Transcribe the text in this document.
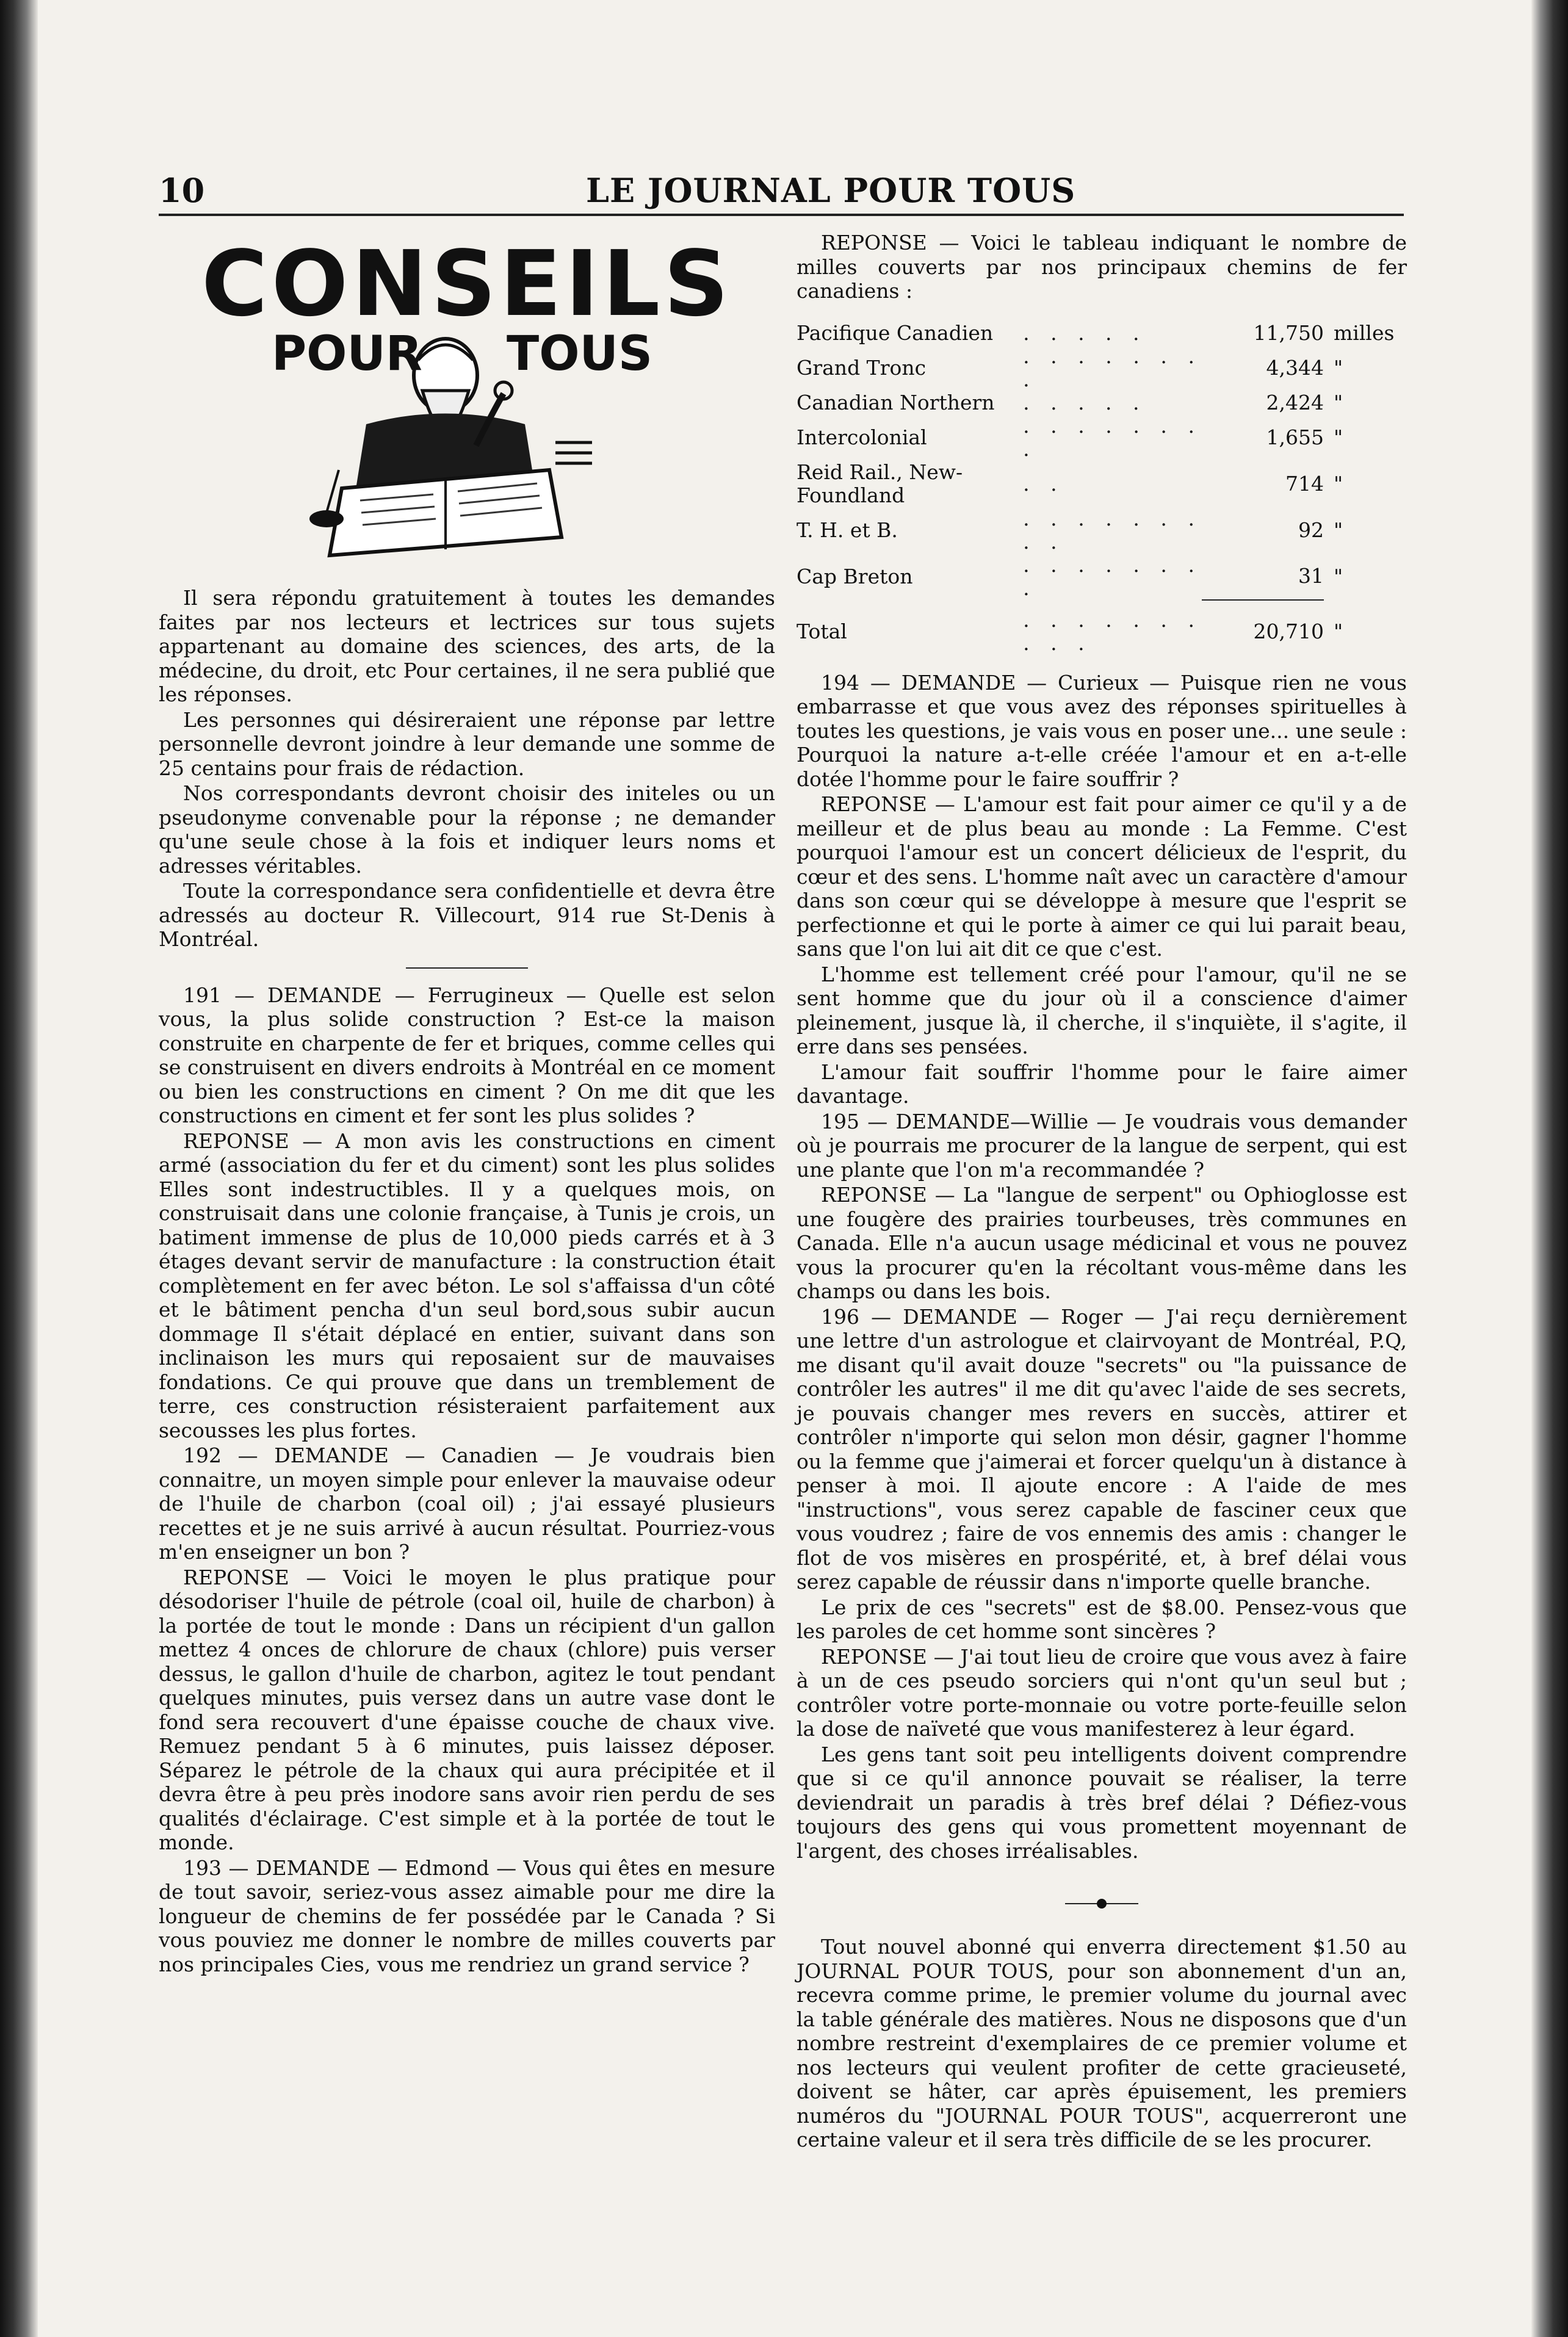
10	LE JOURNAL POUR TOUS
CONSEILS
POUR TOUS

Il sera répondu gratuitement à toutes les demandes faites par nos lecteurs et lectrices sur tous sujets appartenant au domaine des sciences, des arts, de la médecine, du droit, etc Pour certaines, il ne sera publié que les réponses.

Les personnes qui désireraient une réponse par lettre personnelle devront joindre à leur demande une somme de 25 centains pour frais de rédaction.

Nos correspondants devront choisir des initeles ou un pseudonyme convenable pour la réponse ; ne demander qu'une seule chose à la fois et indiquer leurs noms et adresses véritables.

Toute la correspondance sera confidentielle et devra être adressés au docteur R. Villecourt, 914 rue St-Denis à Montréal.

191 — DEMANDE — Ferrugineux — Quelle est selon vous, la plus solide construction ? Est-ce la maison construite en charpente de fer et briques, comme celles qui se construisent en divers endroits à Montréal en ce moment ou bien les constructions en ciment ? On me dit que les constructions en ciment et fer sont les plus solides ?

REPONSE — A mon avis les constructions en ciment armé (association du fer et du ciment) sont les plus solides Elles sont indestructibles. Il y a quelques mois, on construisait dans une colonie française, à Tunis je crois, un batiment immense de plus de 10,000 pieds carrés et à 3 étages devant servir de manufacture : la construction était complètement en fer avec béton. Le sol s'affaissa d'un côté et le bâtiment pencha d'un seul bord,sous subir aucun dommage Il s'était déplacé en entier, suivant dans son inclinaison les murs qui reposaient sur de mauvaises fondations. Ce qui prouve que dans un tremblement de terre, ces construction résisteraient parfaitement aux secousses les plus fortes.

192 — DEMANDE — Canadien — Je voudrais bien connaitre, un moyen simple pour enlever la mauvaise odeur de l'huile de charbon (coal oil) ; j'ai essayé plusieurs recettes et je ne suis arrivé à aucun résultat. Pourriez-vous m'en enseigner un bon ?

REPONSE — Voici le moyen le plus pratique pour désodoriser l'huile de pétrole (coal oil, huile de charbon) à la portée de tout le monde : Dans un récipient d'un gallon mettez 4 onces de chlorure de chaux (chlore) puis verser dessus, le gallon d'huile de charbon, agitez le tout pendant quelques minutes, puis versez dans un autre vase dont le fond sera recouvert d'une épaisse couche de chaux vive. Remuez pendant 5 à 6 minutes, puis laissez déposer. Séparez le pétrole de la chaux qui aura précipitée et il devra être à peu près inodore sans avoir rien perdu de ses qualités d'éclairage. C'est simple et à la portée de tout le monde.

193 — DEMANDE — Edmond — Vous qui êtes en mesure de tout savoir, seriez-vous assez aimable pour me dire la longueur de chemins de fer possédée par le Canada ? Si vous pouviez me donner le nombre de milles couverts par nos principales Cies, vous me rendriez un grand service ?

REPONSE — Voici le tableau indiquant le nombre de milles couverts par nos principaux chemins de fer canadiens :

Pacifique Canadien	. . . . .	11,750	milles
Grand Tronc	. . . . . . . .	4,344	"
Canadian Northern	. . . . .	2,424	"
Intercolonial	. . . . . . . .	1,655	"
Reid Rail., New-Foundland	. .	714	"
T. H. et B.	. . . . . . . . .	92	"
Cap Breton	. . . . . . . .	31	"
Total	. . . . . . . . . .	20,710	"

194 — DEMANDE — Curieux — Puisque rien ne vous embarrasse et que vous avez des réponses spirituelles à toutes les questions, je vais vous en poser une... une seule : Pourquoi la nature a-t-elle créée l'amour et en a-t-elle dotée l'homme pour le faire souffrir ?

REPONSE — L'amour est fait pour aimer ce qu'il y a de meilleur et de plus beau au monde : La Femme. C'est pourquoi l'amour est un concert délicieux de l'esprit, du cœur et des sens. L'homme naît avec un caractère d'amour dans son cœur qui se développe à mesure que l'esprit se perfectionne et qui le porte à aimer ce qui lui parait beau, sans que l'on lui ait dit ce que c'est.

L'homme est tellement créé pour l'amour, qu'il ne se sent homme que du jour où il a conscience d'aimer pleinement, jusque là, il cherche, il s'inquiète, il s'agite, il erre dans ses pensées.

L'amour fait souffrir l'homme pour le faire aimer davantage.

195 — DEMANDE—Willie — Je voudrais vous demander où je pourrais me procurer de la langue de serpent, qui est une plante que l'on m'a recommandée ?

REPONSE — La "langue de serpent" ou Ophioglosse est une fougère des prairies tourbeuses, très communes en Canada. Elle n'a aucun usage médicinal et vous ne pouvez vous la procurer qu'en la récoltant vous-même dans les champs ou dans les bois.

196 — DEMANDE — Roger — J'ai reçu dernièrement une lettre d'un astrologue et clairvoyant de Montréal, P.Q, me disant qu'il avait douze "secrets" ou "la puissance de contrôler les autres" il me dit qu'avec l'aide de ses secrets, je pouvais changer mes revers en succès, attirer et contrôler n'importe qui selon mon désir, gagner l'homme ou la femme que j'aimerai et forcer quelqu'un à distance à penser à moi. Il ajoute encore : A l'aide de mes "instructions", vous serez capable de fasciner ceux que vous voudrez ; faire de vos ennemis des amis : changer le flot de vos misères en prospérité, et, à bref délai vous serez capable de réussir dans n'importe quelle branche.

Le prix de ces "secrets" est de $8.00. Pensez-vous que les paroles de cet homme sont sincères ?

REPONSE — J'ai tout lieu de croire que vous avez à faire à un de ces pseudo sorciers qui n'ont qu'un seul but ; contrôler votre porte-monnaie ou votre porte-feuille selon la dose de naïveté que vous manifesterez à leur égard.

Les gens tant soit peu intelligents doivent comprendre que si ce qu'il annonce pouvait se réaliser, la terre deviendrait un paradis à très bref délai ? Défiez-vous toujours des gens qui vous promettent moyennant de l'argent, des choses irréalisables.

Tout nouvel abonné qui enverra directement $1.50 au JOURNAL POUR TOUS, pour son abonnement d'un an, recevra comme prime, le premier volume du journal avec la table générale des matières. Nous ne disposons que d'un nombre restreint d'exemplaires de ce premier volume et nos lecteurs qui veulent profiter de cette gracieuseté, doivent se hâter, car après épuisement, les premiers numéros du "JOURNAL POUR TOUS", acquerreront une certaine valeur et il sera très difficile de se les procurer.
